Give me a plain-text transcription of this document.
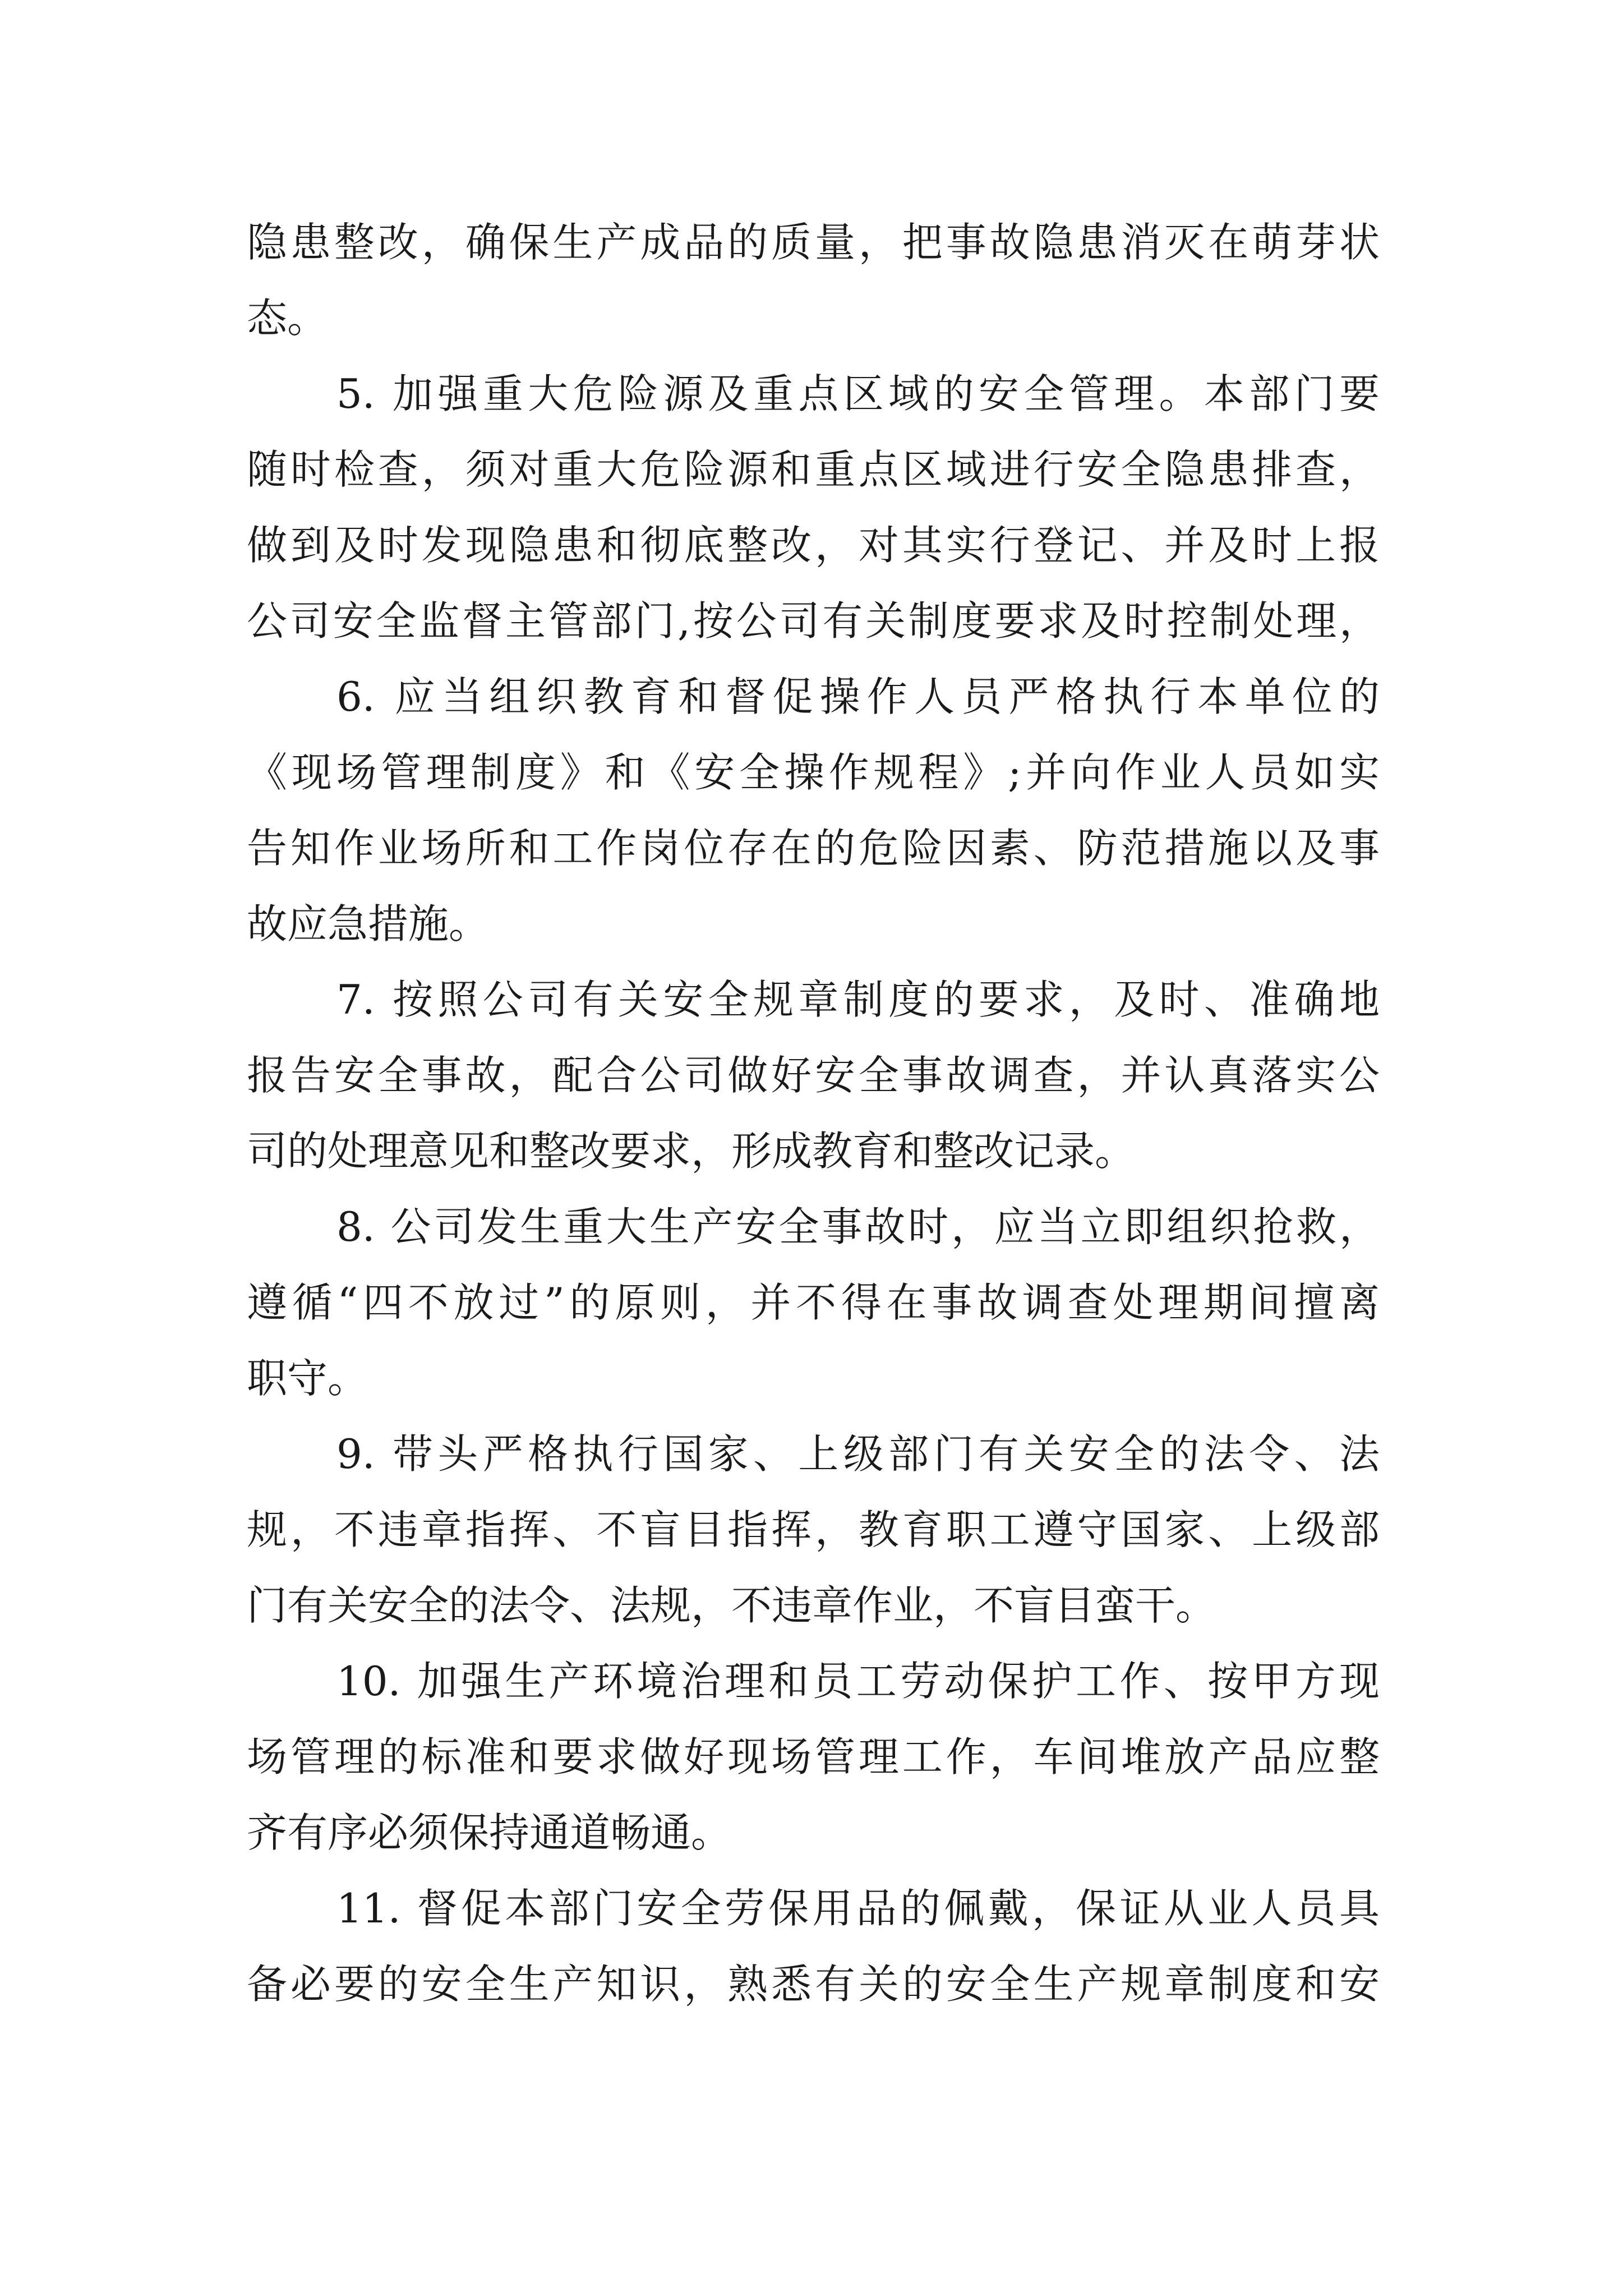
隐患整改，确保生产成品的质量，把事故隐患消灭在萌芽状
态。
5. 加强重大危险源及重点区域的安全管理。本部门要
随时检查，须对重大危险源和重点区域进行安全隐患排查，
做到及时发现隐患和彻底整改，对其实行登记、并及时上报
公司安全监督主管部门,按公司有关制度要求及时控制处理，
6. 应当组织教育和督促操作人员严格执行本单位的
《现场管理制度》和《安全操作规程》;并向作业人员如实
告知作业场所和工作岗位存在的危险因素、防范措施以及事
故应急措施。
7. 按照公司有关安全规章制度的要求，及时、准确地
报告安全事故，配合公司做好安全事故调查，并认真落实公
司的处理意见和整改要求，形成教育和整改记录。
8. 公司发生重大生产安全事故时，应当立即组织抢救，
遵循“四不放过”的原则，并不得在事故调查处理期间擅离
职守。
9. 带头严格执行国家、上级部门有关安全的法令、法
规，不违章指挥、不盲目指挥，教育职工遵守国家、上级部
门有关安全的法令、法规，不违章作业，不盲目蛮干。
10. 加强生产环境治理和员工劳动保护工作、按甲方现
场管理的标准和要求做好现场管理工作，车间堆放产品应整
齐有序必须保持通道畅通。
11. 督促本部门安全劳保用品的佩戴，保证从业人员具
备必要的安全生产知识，熟悉有关的安全生产规章制度和安
